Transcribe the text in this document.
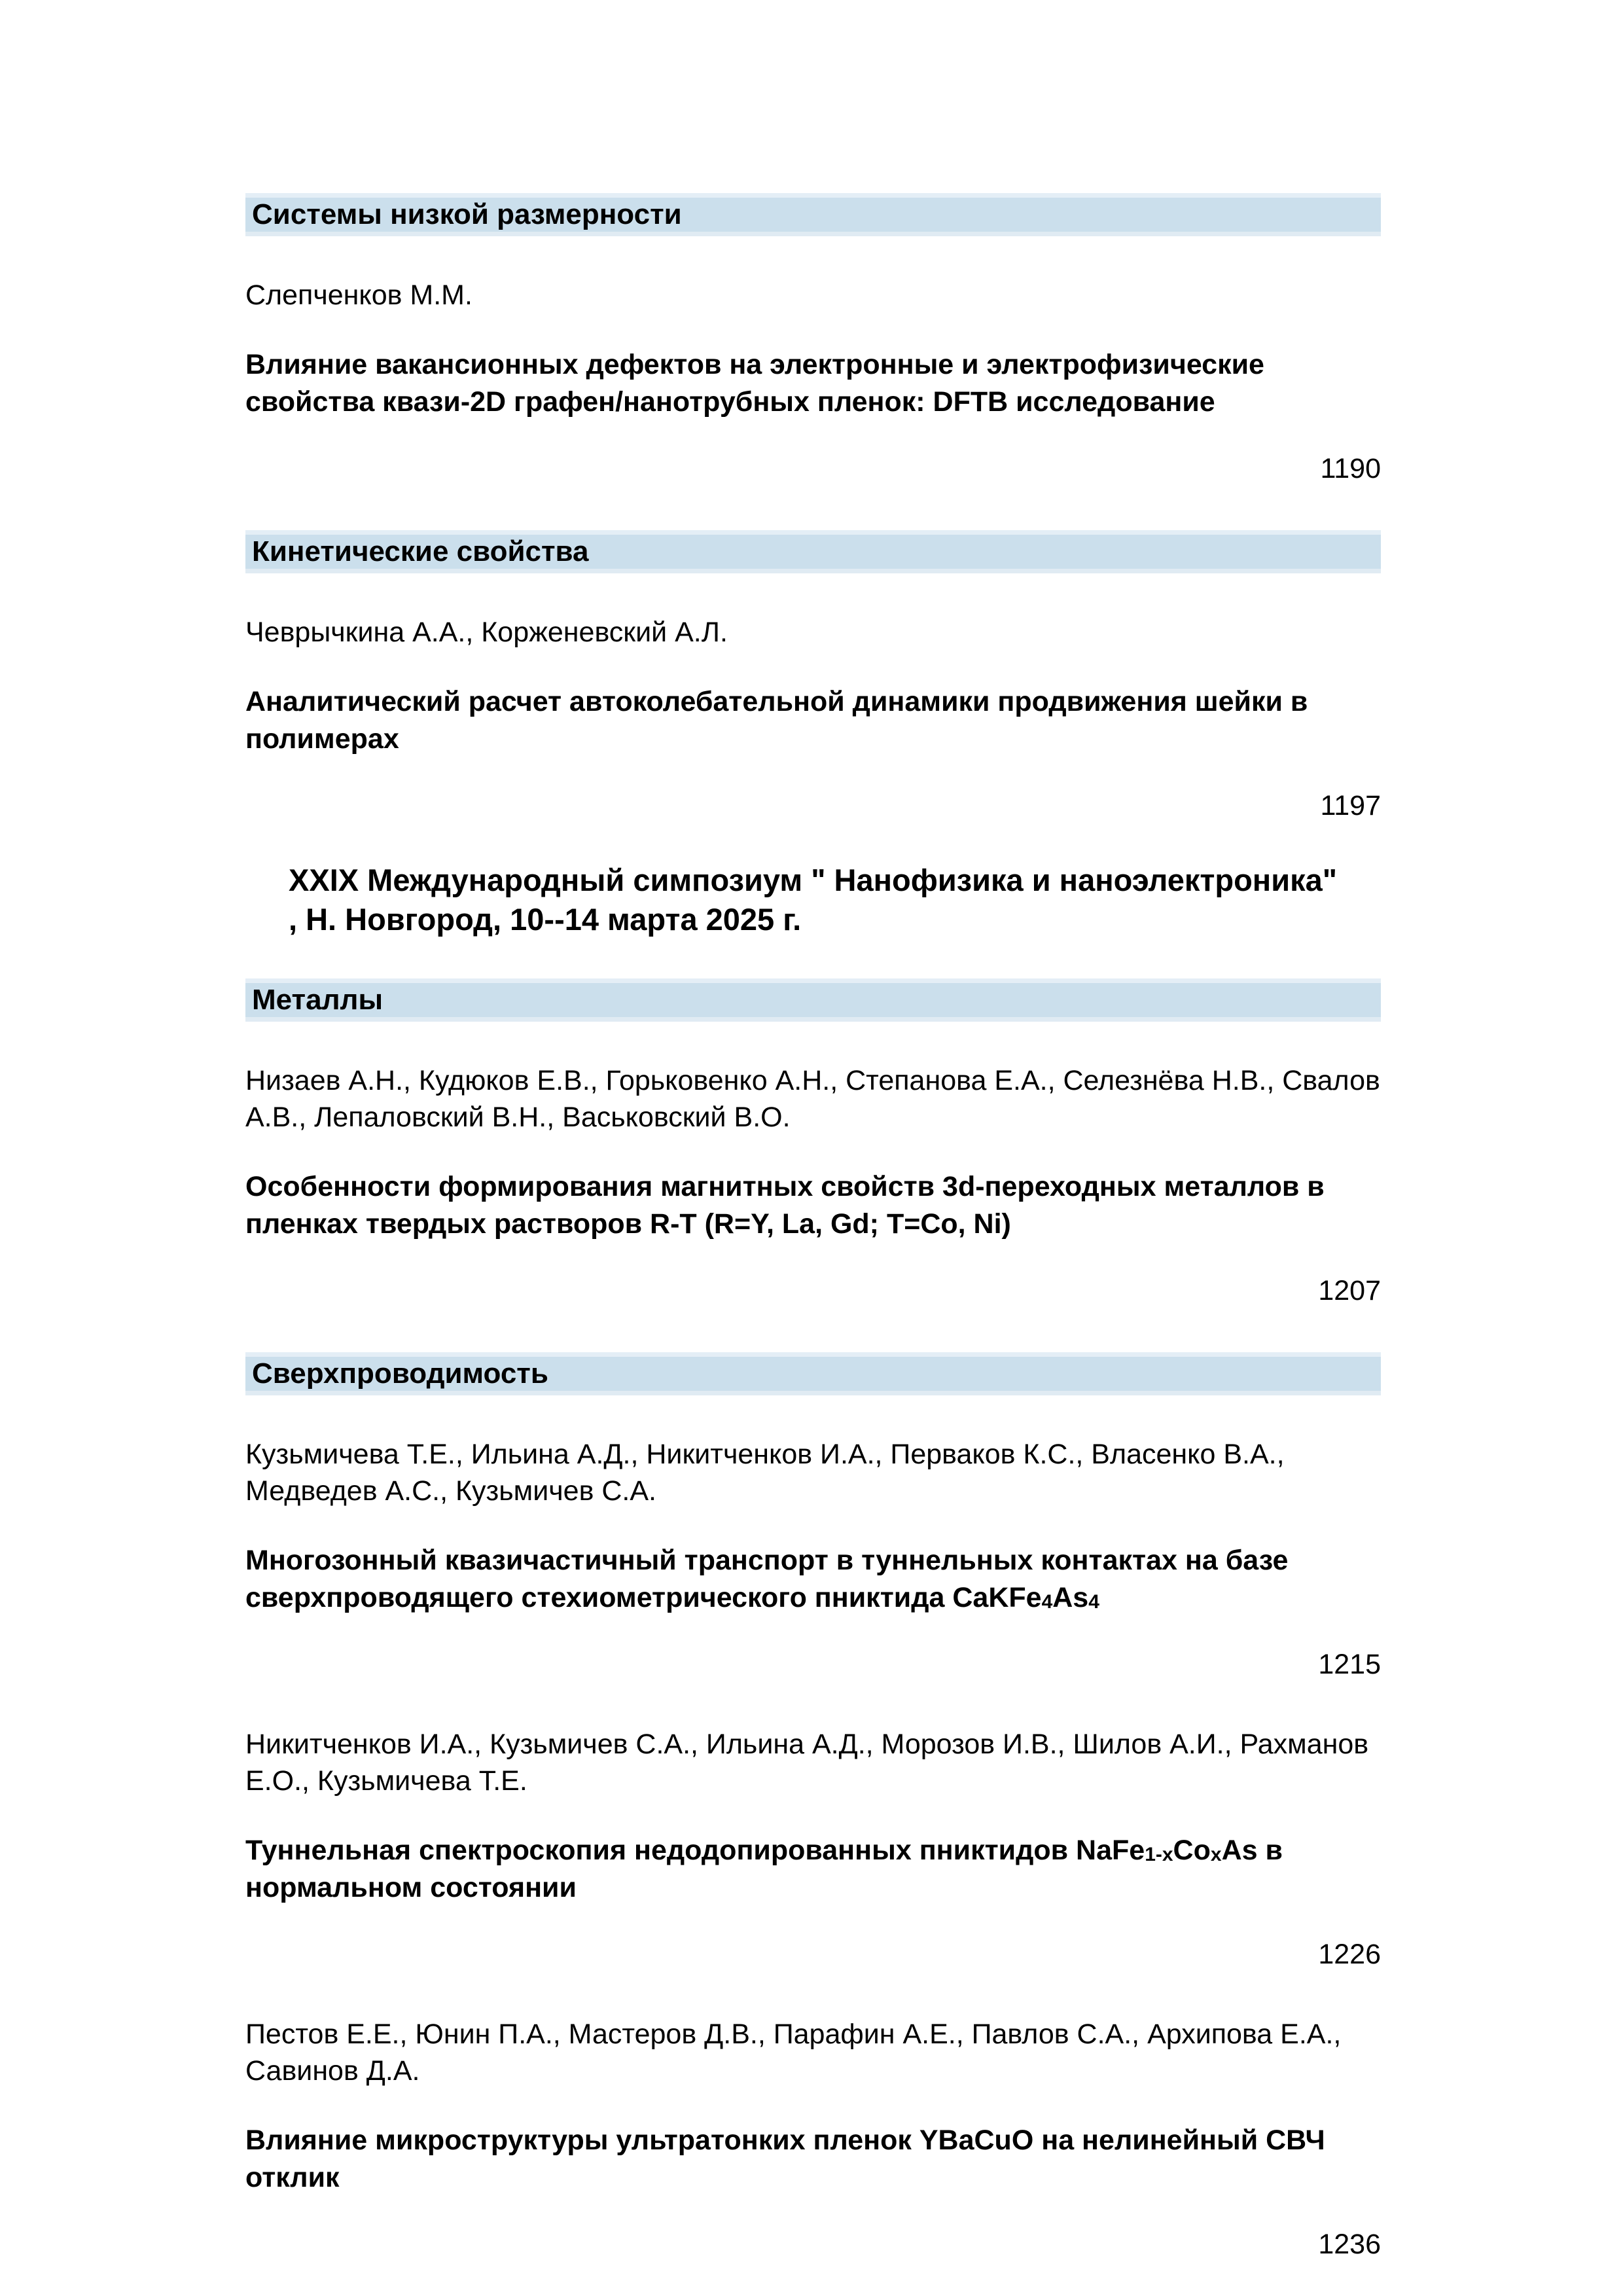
Системы низкой размерности

Слепченков М.М.

Влияние вакансионных дефектов на электронные и электрофизические свойства квази-2D графен/нанотрубных пленок: DFTB исследование

1190

Кинетические свойства

Чеврычкина А.А., Корженевский А.Л.

Аналитический расчет автоколебательной динамики продвижения шейки в полимерах

1197

XXIX Международный симпозиум " Нанофизика и наноэлектроника" , Н. Новгород, 10--14 марта 2025 г.

Металлы

Низаев А.Н., Кудюков Е.В., Горьковенко А.Н., Степанова Е.А., Селезнёва Н.В., Свалов А.В., Лепаловский В.Н., Васьковский В.О.

Особенности формирования магнитных свойств 3d-переходных металлов в пленках твердых растворов R-T (R=Y, La, Gd; T=Co, Ni)

1207

Сверхпроводимость

Кузьмичева Т.Е., Ильина А.Д., Никитченков И.А., Перваков К.С., Власенко В.А., Медведев А.С., Кузьмичев С.А.

Многозонный квазичастичный транспорт в туннельных контактах на базе сверхпроводящего стехиометрического пниктида $CaKFe_4As_4$

1215

Никитченков И.А., Кузьмичев С.А., Ильина А.Д., Морозов И.В., Шилов А.И., Рахманов Е.О., Кузьмичева Т.Е.

Туннельная спектроскопия недодопированных пниктидов $NaFe_{1-x}Co_xAs$ в нормальном состоянии

1226

Пестов Е.Е., Юнин П.А., Мастеров Д.В., Парафин А.Е., Павлов С.А., Архипова Е.А., Савинов Д.А.

Влияние микроструктуры ультратонких пленок YBaCuO на нелинейный СВЧ отклик

1236
